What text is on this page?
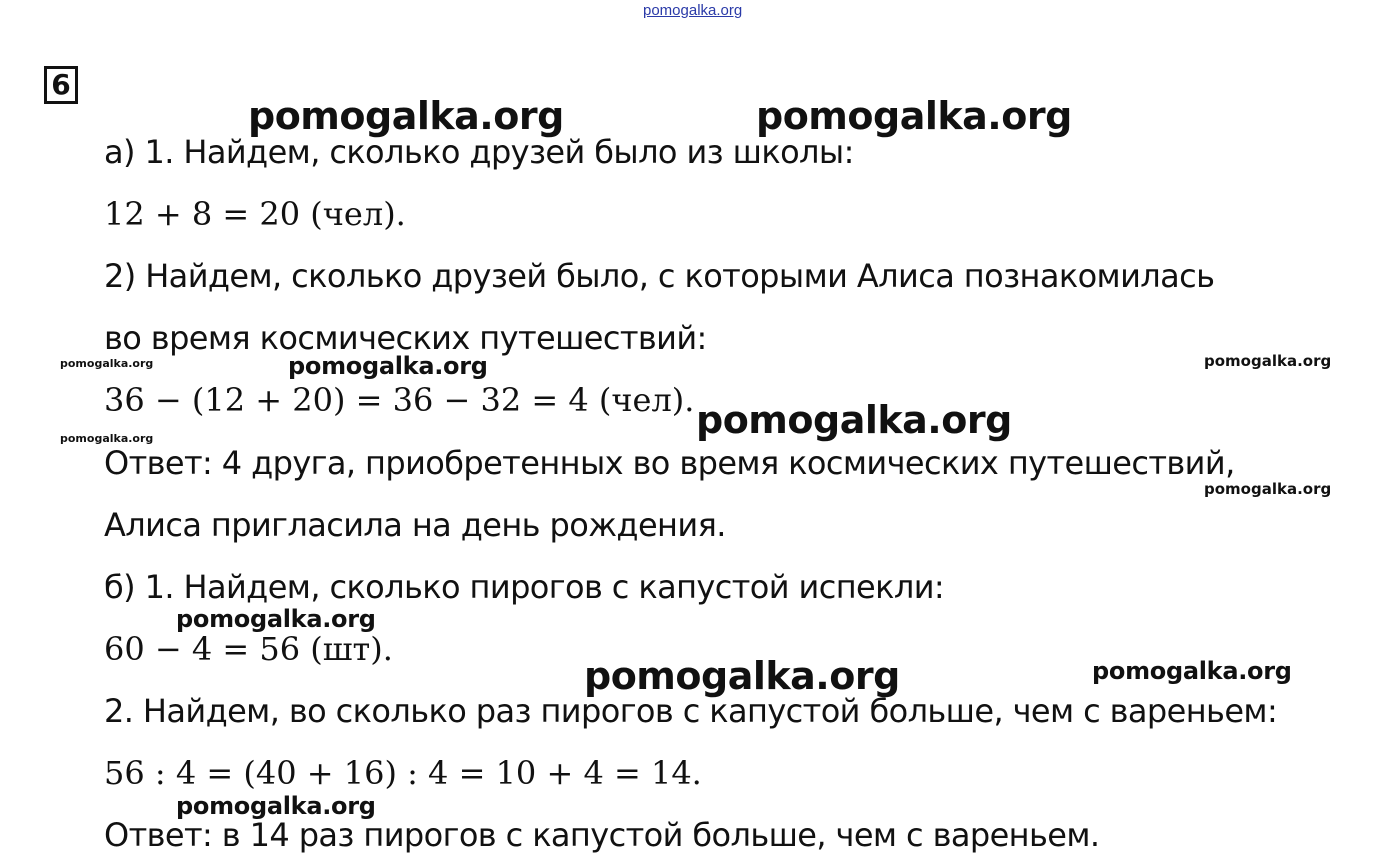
pomogalka.org
6
а) 1. Найдем, сколько друзей было из школы:
12 + 8 = 20 (чел).
2) Найдем, сколько друзей было, с которыми Алиса познакомилась
во время космических путешествий:
36 − (12 + 20) = 36 − 32 = 4 (чел).
Ответ: 4 друга, приобретенных во время космических путешествий,
Алиса пригласила на день рождения.
б) 1. Найдем, сколько пирогов с капустой испекли:
60 − 4 = 56 (шт).
2. Найдем, во сколько раз пирогов с капустой больше, чем с вареньем:
56 : 4 = (40 + 16) : 4 = 10 + 4 = 14.
Ответ: в 14 раз пирогов с капустой больше, чем с вареньем.
pomogalka.org	pomogalka.org
pomogalka.org
pomogalka.org	pomogalka.org
pomogalka.org
pomogalka.org
pomogalka.org
pomogalka.org
pomogalka.org	pomogalka.org
pomogalka.org
